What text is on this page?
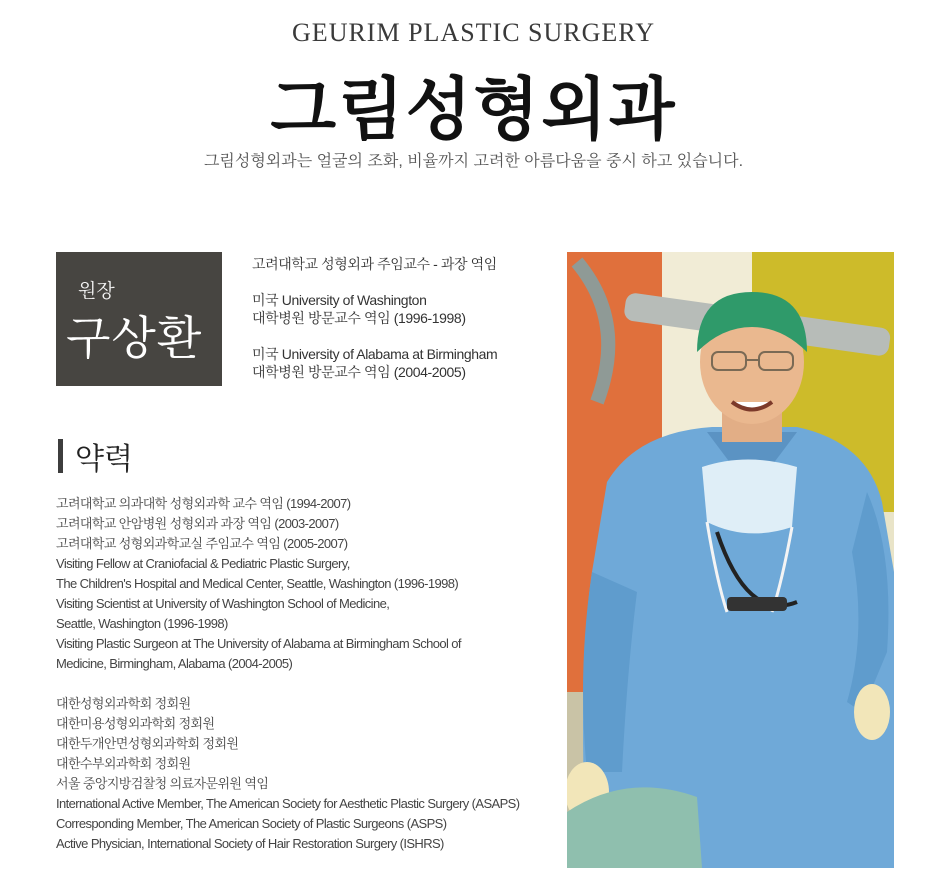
GEURIM PLASTIC SURGERY
그림성형외과
그림성형외과는 얼굴의 조화, 비율까지 고려한 아름다움을 중시 하고 있습니다.
원장
구상환
고려대학교 성형외과 주임교수 - 과장 역임
미국 University of Washington
대학병원 방문교수 역임 (1996-1998)
미국 University of Alabama at Birmingham
대학병원 방문교수 역임 (2004-2005)
약력
고려대학교 의과대학 성형외과학 교수 역임 (1994-2007)
고려대학교 안암병원 성형외과 과장 역임 (2003-2007)
고려대학교 성형외과학교실 주임교수 역임 (2005-2007)
Visiting Fellow at Craniofacial & Pediatric Plastic Surgery,
The Children's Hospital and Medical Center, Seattle, Washington (1996-1998)
Visiting Scientist at University of Washington School of Medicine,
Seattle, Washington (1996-1998)
Visiting Plastic Surgeon at The University of Alabama at Birmingham School of
Medicine, Birmingham, Alabama (2004-2005)
대한성형외과학회 정회원
대한미용성형외과학회 정회원
대한두개안면성형외과학회 정회원
대한수부외과학회 정회원
서울 중앙지방검찰청 의료자문위원 역임
International Active Member, The American Society for Aesthetic Plastic Surgery (ASAPS)
Corresponding Member, The American Society of Plastic Surgeons (ASPS)
Active Physician, International Society of Hair Restoration Surgery (ISHRS)
